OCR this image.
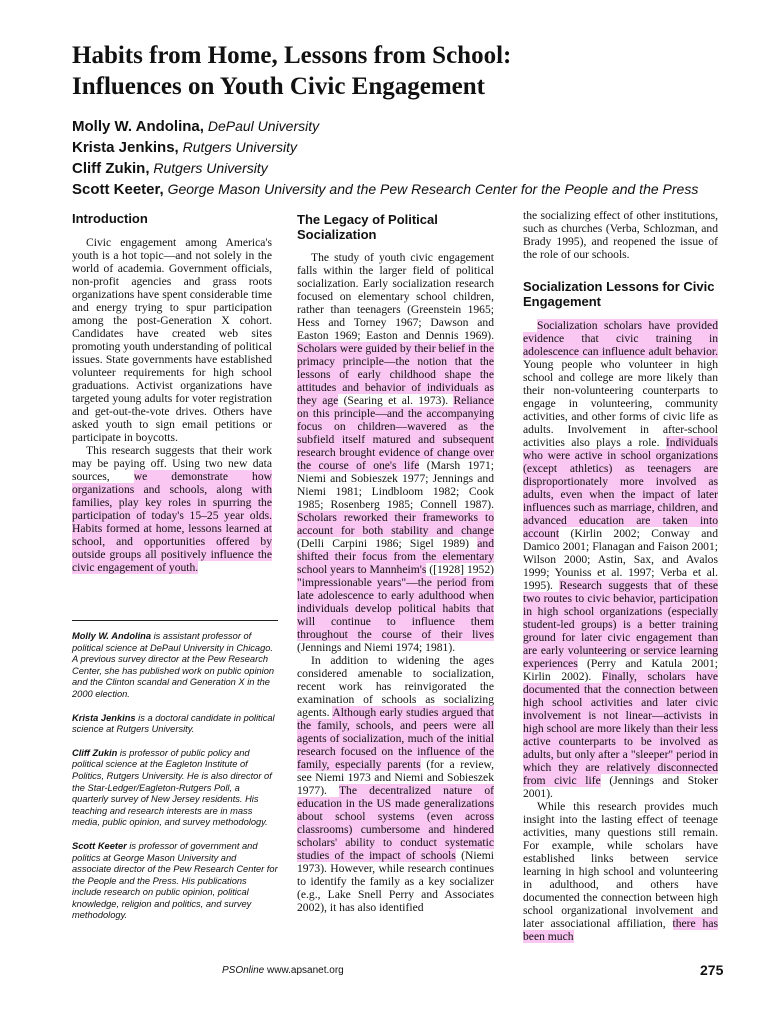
Habits from Home, Lessons from School:
Influences on Youth Civic Engagement
Molly W. Andolina, DePaul University
Krista Jenkins, Rutgers University
Cliff Zukin, Rutgers University
Scott Keeter, George Mason University and the Pew Research Center for the People and the Press
Introduction

Civic engagement among America's youth is a hot topic—and not solely in the world of academia. Government officials, non-profit agencies and grass roots organizations have spent considerable time and energy trying to spur participation among the post-Generation X cohort. Candidates have created web sites promoting youth understanding of political issues. State governments have established volunteer requirements for high school graduations. Activist organizations have targeted young adults for voter registration and get-out-the-vote drives. Others have asked youth to sign email petitions or participate in boycotts.

This research suggests that their work may be paying off. Using two new data sources, we demonstrate how organizations and schools, along with families, play key roles in spurring the participation of today's 15–25 year olds. Habits formed at home, lessons learned at school, and opportunities offered by outside groups all positively influence the civic engagement of youth.

Molly W. Andolina is assistant professor of political science at DePaul University in Chicago. A previous survey director at the Pew Research Center, she has published work on public opinion and the Clinton scandal and Generation X in the 2000 election.

Krista Jenkins is a doctoral candidate in political science at Rutgers University.

Cliff Zukin is professor of public policy and political science at the Eagleton Institute of Politics, Rutgers University. He is also director of the Star-Ledger/Eagleton-Rutgers Poll, a quarterly survey of New Jersey residents. His teaching and research interests are in mass media, public opinion, and survey methodology.

Scott Keeter is professor of government and politics at George Mason University and associate director of the Pew Research Center for the People and the Press. His publications include research on public opinion, political knowledge, religion and politics, and survey methodology.

The Legacy of Political Socialization

The study of youth civic engagement falls within the larger field of political socialization. Early socialization research focused on elementary school children, rather than teenagers (Greenstein 1965; Hess and Torney 1967; Dawson and Easton 1969; Easton and Dennis 1969). Scholars were guided by their belief in the primacy principle—the notion that the lessons of early childhood shape the attitudes and behavior of individuals as they age (Searing et al. 1973). Reliance on this principle—and the accompanying focus on children—wavered as the subfield itself matured and subsequent research brought evidence of change over the course of one's life (Marsh 1971; Niemi and Sobieszek 1977; Jennings and Niemi 1981; Lindbloom 1982; Cook 1985; Rosenberg 1985; Connell 1987). Scholars reworked their frameworks to account for both stability and change (Delli Carpini 1986; Sigel 1989) and shifted their focus from the elementary school years to Mannheim's ([1928] 1952) "impressionable years"—the period from late adolescence to early adulthood when individuals develop political habits that will continue to influence them throughout the course of their lives (Jennings and Niemi 1974; 1981).

In addition to widening the ages considered amenable to socialization, recent work has reinvigorated the examination of schools as socializing agents. Although early studies argued that the family, schools, and peers were all agents of socialization, much of the initial research focused on the influence of the family, especially parents (for a review, see Niemi 1973 and Niemi and Sobieszek 1977). The decentralized nature of education in the US made generalizations about school systems (even across classrooms) cumbersome and hindered scholars' ability to conduct systematic studies of the impact of schools (Niemi 1973). However, while research continues to identify the family as a key socializer (e.g., Lake Snell Perry and Associates 2002), it has also identified

the socializing effect of other institutions, such as churches (Verba, Schlozman, and Brady 1995), and reopened the issue of the role of our schools.

Socialization Lessons for Civic Engagement

Socialization scholars have provided evidence that civic training in adolescence can influence adult behavior. Young people who volunteer in high school and college are more likely than their non-volunteering counterparts to engage in volunteering, community activities, and other forms of civic life as adults. Involvement in after-school activities also plays a role. Individuals who were active in school organizations (except athletics) as teenagers are disproportionately more involved as adults, even when the impact of later influences such as marriage, children, and advanced education are taken into account (Kirlin 2002; Conway and Damico 2001; Flanagan and Faison 2001; Wilson 2000; Astin, Sax, and Avalos 1999; Youniss et al. 1997; Verba et al. 1995). Research suggests that of these two routes to civic behavior, participation in high school organizations (especially student-led groups) is a better training ground for later civic engagement than are early volunteering or service learning experiences (Perry and Katula 2001; Kirlin 2002). Finally, scholars have documented that the connection between high school activities and later civic involvement is not linear—activists in high school are more likely than their less active counterparts to be involved as adults, but only after a "sleeper" period in which they are relatively disconnected from civic life (Jennings and Stoker 2001).

While this research provides much insight into the lasting effect of teenage activities, many questions still remain. For example, while scholars have established links between service learning in high school and volunteering in adulthood, and others have documented the connection between high school organizational involvement and later associational affiliation, there has been much

PSOnline www.apsanet.org	275
